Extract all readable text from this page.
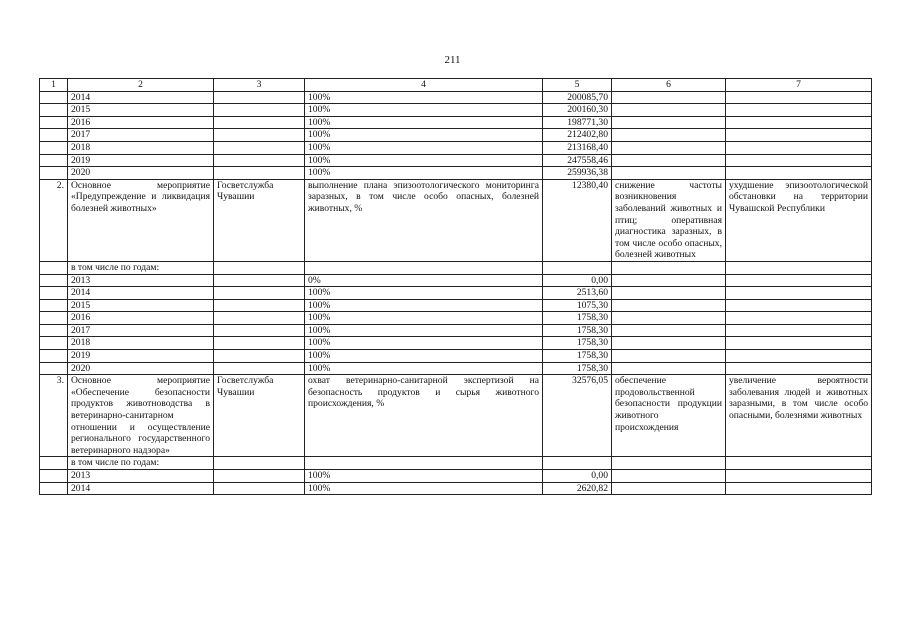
211
1	2	3	4	5	6	7
	2014		100%	200085,70		
	2015		100%	200160,30		
	2016		100%	198771,30		
	2017		100%	212402,80		
	2018		100%	213168,40		
	2019		100%	247558,46		
	2020		100%	259936,38		
2.	Основное мероприятие «Предупреждение и ликвидация болезней животных»	Госветслужба Чувашии	выполнение плана эпизоотологического мониторинга заразных, в том числе особо опасных, болезней животных, %	12380,40	снижение частоты возникновения заболеваний животных и птиц; оперативная диагностика заразных, в том числе особо опасных, болезней животных	ухудшение эпизоотологической обстановки на территории Чувашской Республики
	в том числе по годам:					
	2013		0%	0,00		
	2014		100%	2513,60		
	2015		100%	1075,30		
	2016		100%	1758,30		
	2017		100%	1758,30		
	2018		100%	1758,30		
	2019		100%	1758,30		
	2020		100%	1758,30		
3.	Основное мероприятие «Обеспечение безопасности продуктов животноводства в ветеринарно-санитарном отношении и осуществление регионального государственного ветеринарного надзора»	Госветслужба Чувашии	охват ветеринарно-санитарной экспертизой на безопасность продуктов и сырья животного происхождения, %	32576,05	обеспечение продовольственной безопасности продукции животного происхождения	увеличение вероятности заболевания людей и животных заразными, в том числе особо опасными, болезнями животных
	в том числе по годам:					
	2013		100%	0,00		
	2014		100%	2620,82		
